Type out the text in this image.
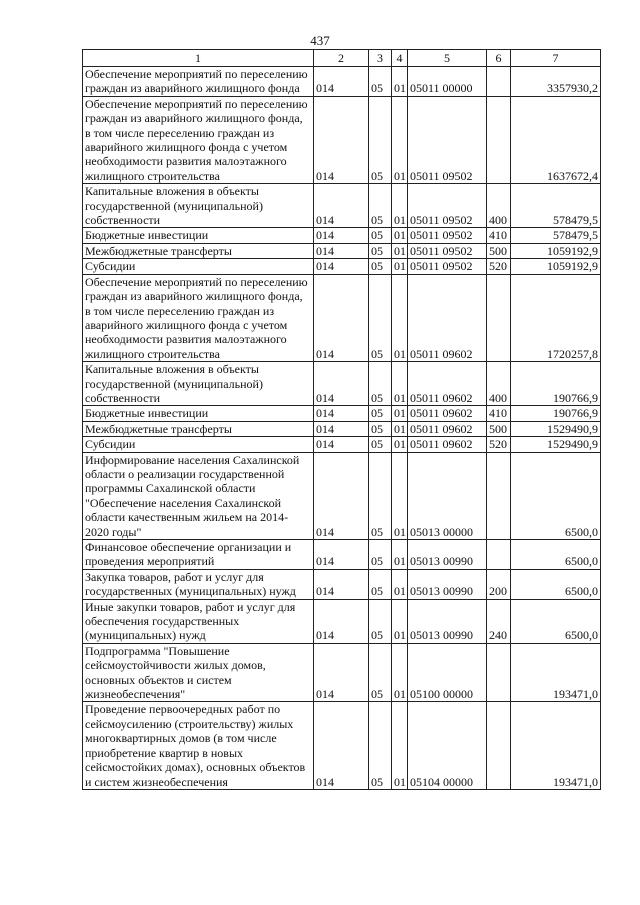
437
1	2	3	4	5	6	7
Обеспечение мероприятий по переселению граждан из аварийного жилищного фонда	014	05	01	05011 00000		3357930,2
Обеспечение мероприятий по переселению граждан из аварийного жилищного фонда, в том числе переселению граждан из аварийного жилищного фонда с учетом необходимости развития малоэтажного жилищного строительства	014	05	01	05011 09502		1637672,4
Капитальные вложения в объекты государственной (муниципальной) собственности	014	05	01	05011 09502	400	578479,5
Бюджетные инвестиции	014	05	01	05011 09502	410	578479,5
Межбюджетные трансферты	014	05	01	05011 09502	500	1059192,9
Субсидии	014	05	01	05011 09502	520	1059192,9
Обеспечение мероприятий по переселению граждан из аварийного жилищного фонда, в том числе переселению граждан из аварийного жилищного фонда с учетом необходимости развития малоэтажного жилищного строительства	014	05	01	05011 09602		1720257,8
Капитальные вложения в объекты государственной (муниципальной) собственности	014	05	01	05011 09602	400	190766,9
Бюджетные инвестиции	014	05	01	05011 09602	410	190766,9
Межбюджетные трансферты	014	05	01	05011 09602	500	1529490,9
Субсидии	014	05	01	05011 09602	520	1529490,9
Информирование населения Сахалинской области о реализации государственной программы Сахалинской области "Обеспечение населения Сахалинской области качественным жильем на 2014-2020 годы"	014	05	01	05013 00000		6500,0
Финансовое обеспечение организации и проведения мероприятий	014	05	01	05013 00990		6500,0
Закупка товаров, работ и услуг для государственных (муниципальных) нужд	014	05	01	05013 00990	200	6500,0
Иные закупки товаров, работ и услуг для обеспечения государственных (муниципальных) нужд	014	05	01	05013 00990	240	6500,0
Подпрограмма "Повышение сейсмоустойчивости жилых домов, основных объектов и систем жизнеобеспечения"	014	05	01	05100 00000		193471,0
Проведение первоочередных работ по сейсмоусилению (строительству) жилых многоквартирных домов (в том числе приобретение квартир в новых сейсмостойких домах), основных объектов и систем жизнеобеспечения	014	05	01	05104 00000		193471,0
